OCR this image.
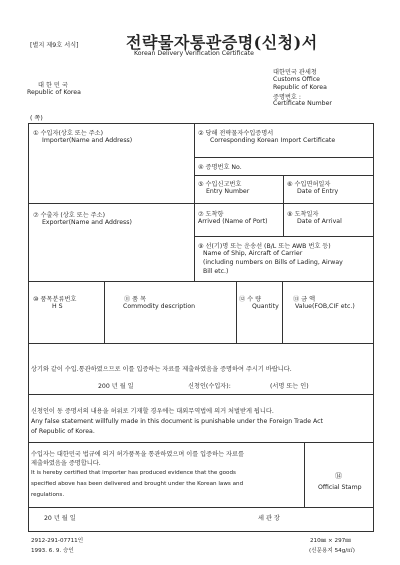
[별지 제9호 서식]	전략물자통관증명(신청)서
Korean Delivery Verification Certificate
대 한 민 국
Republic of Korea
대한민국 관세청
Customs Office
Republic of Korea
증명번호 :
Certificate Number
( 쪽)
① 수입자(상호 또는 주소)
Importer(Name and Address)
② 당해 전략물자수입증명서
Corresponding Korean Import Certificate
④ 증명번호 No.
⑤ 수입신고번호
Entry Number
⑥ 수입면허일자
Date of Entry
⑦ 수출자 (상호 또는 주소)
Exporter(Name and Address)
⑦ 도착항
Arrived (Name of Port)
⑧ 도착일자
Date of Arrival
⑨ 선(기)명 또는 운송선 (B/L 또는 AWB 번호 등)
Name of Ship, Aircraft of Carrier
(including numbers on Bills of Lading, Airway
Bill etc.)
⑩ 품목분류번호
H S
⑪ 품 목
Commodity description
⑫ 수 량
Quantity
⑬ 금 액
Value(FOB,CIF etc.)
상기와 같이 수입.통관하였으므로 이를 입증하는 자료를 제출하였음을 증명하여 주시기 바랍니다.
200 년 월 일	신청인(수입자):	(서명 또는 인)
신청인이 동 증명서의 내용을 허위로 기재할 경우에는 대외무역법에 의거 처벌받게 됩니다.
Any false statement willfully made in this document is punishable under the Foreign Trade Act
of Republic of Korea.
수입자는 대한민국 법규에 의거 허가품목을 통관하였으며 이를 입증하는 자료를
제출하였음을 증명합니다.
It is hereby certified that importer has produced evidence that the goods
specified above has been delivered and brought under the Korean laws and
regulations.
⑭
Official Stamp
20 년 월 일	세 관 장
2912-291-07711인
1993. 6. 9. 승인
210㎜ × 297㎜
(신문용지 54g/㎡)
